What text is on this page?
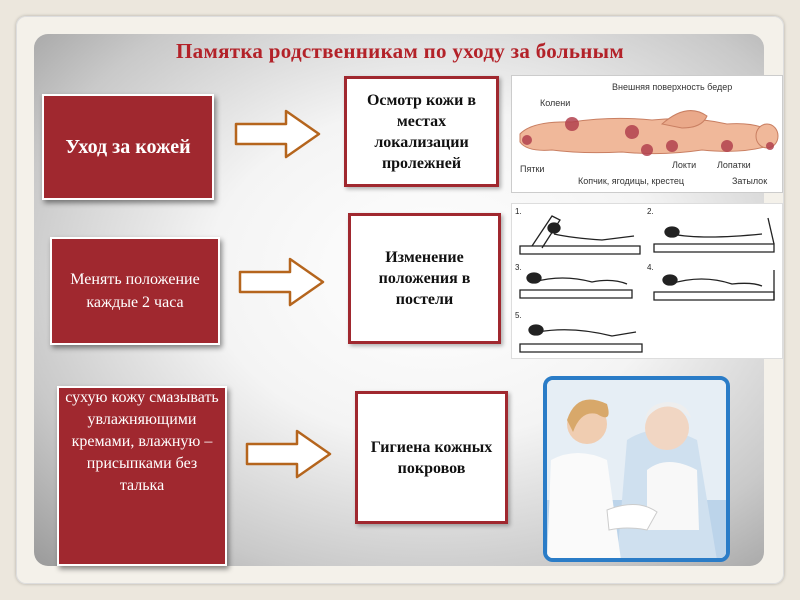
Памятка родственникам по уходу за больным
Уход за кожей
Осмотр кожи в местах локализации пролежней
Колени
Внешняя поверхность бедер
Пятки	Локти Лопатки
Копчик, ягодицы, крестец	Затылок
Менять положение каждые 2 часа
Изменение положения в постели
1.	2.
3.	4.
5.
сухую кожу смазывать увлажняющими кремами, влажную – присыпками без талька
Гигиена кожных покровов
